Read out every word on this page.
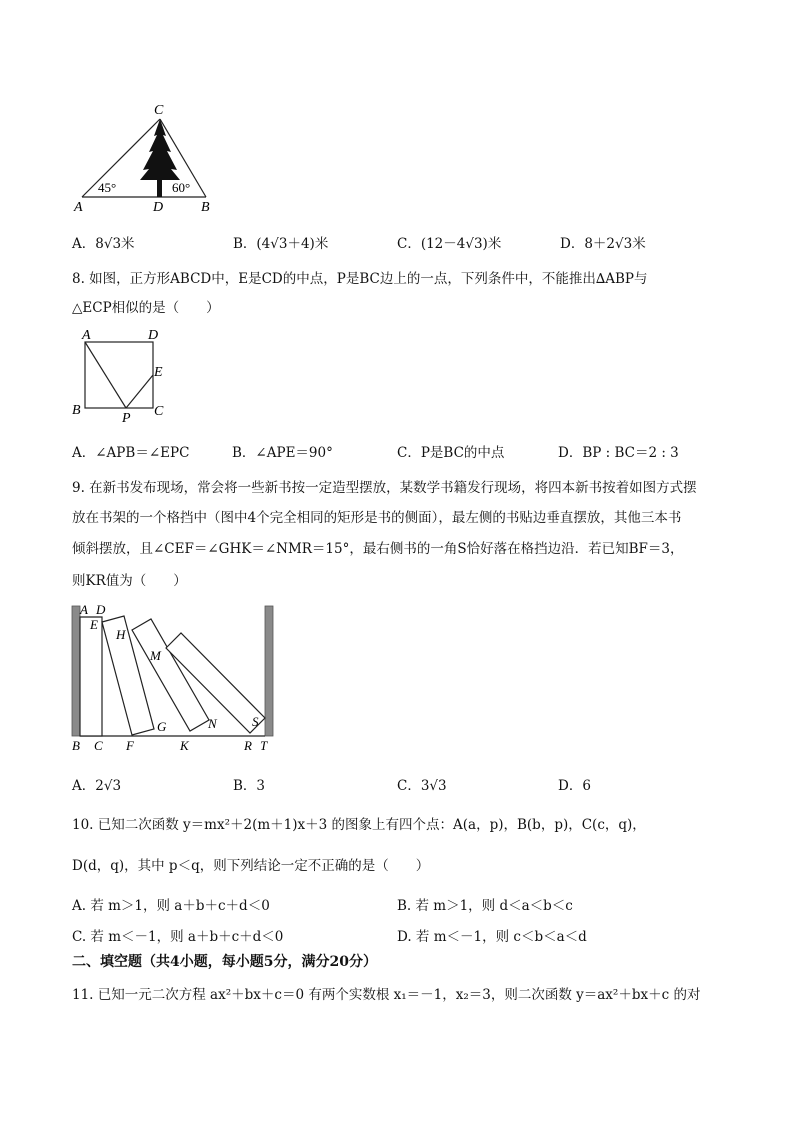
C
A	D	B
45°	60°
A．8√3米	B．(4√3＋4)米	C．(12－4√3)米	D．8＋2√3米
8. 如图，正方形ABCD中，E是CD的中点，P是BC边上的一点，下列条件中，不能推出∆ABP与
△ECP相似的是（　　）
A	D
E
B
P C
A．∠APB＝∠EPC	B．∠APE＝90°	C．P是BC的中点	D．BP : BC＝2 : 3
9. 在新书发布现场，常会将一些新书按一定造型摆放，某数学书籍发行现场，将四本新书按着如图方式摆
放在书架的一个格挡中（图中4个完全相同的矩形是书的侧面），最左侧的书贴边垂直摆放，其他三本书
倾斜摆放，且∠CEF＝∠GHK＝∠NMR＝15°，最右侧书的一角S恰好落在格挡边沿．若已知BF＝3，
则KR值为（　　）
A D
E
H
M
G	N	S
B C F	K	R T
A．2√3	B．3	C．3√3	D．6
10. 已知二次函数 y＝mx²＋2(m＋1)x＋3 的图象上有四个点：A(a，p)，B(b，p)，C(c，q)，
D(d，q)，其中 p＜q，则下列结论一定不正确的是（　　）
A. 若 m＞1，则 a＋b＋c＋d＜0	B. 若 m＞1，则 d＜a＜b＜c
C. 若 m＜－1，则 a＋b＋c＋d＜0	D. 若 m＜－1，则 c＜b＜a＜d
二、填空题（共4小题，每小题5分，满分20分）
11. 已知一元二次方程 ax²＋bx＋c＝0 有两个实数根 x₁＝－1，x₂＝3，则二次函数 y＝ax²＋bx＋c 的对
